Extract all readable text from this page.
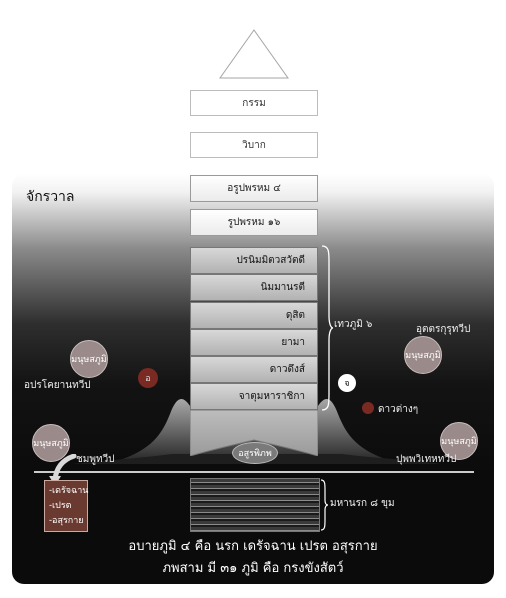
กรรม
วิบาก
จักรวาล
อรูปพรหม ๔
รูปพรหม ๑๖
ปรนิมมิตวสวัตดี
นิมมานรตี
ดุสิต
ยามา
ดาวดึงส์
จาตุมหาราชิกา
เทวภูมิ ๖
มนุษสภูมิ
อปรโคยานทวีป
มนุษสภูมิ
อุตตรกุรุทวีป
มนุษสภูมิ
ชมพูทวีป
มนุษสภูมิ
ปุพพวิเทหทวีป
อ	จ
ดาวต่างๆ
อสูรพิภพ
-เดรัจฉาน
-เปรต
-อสุรกาย
มหานรก ๘ ขุม
อบายภูมิ ๔ คือ นรก เดรัจฉาน เปรต อสุรกาย
ภพสาม มี ๓๑ ภูมิ คือ กรงขังสัตว์
